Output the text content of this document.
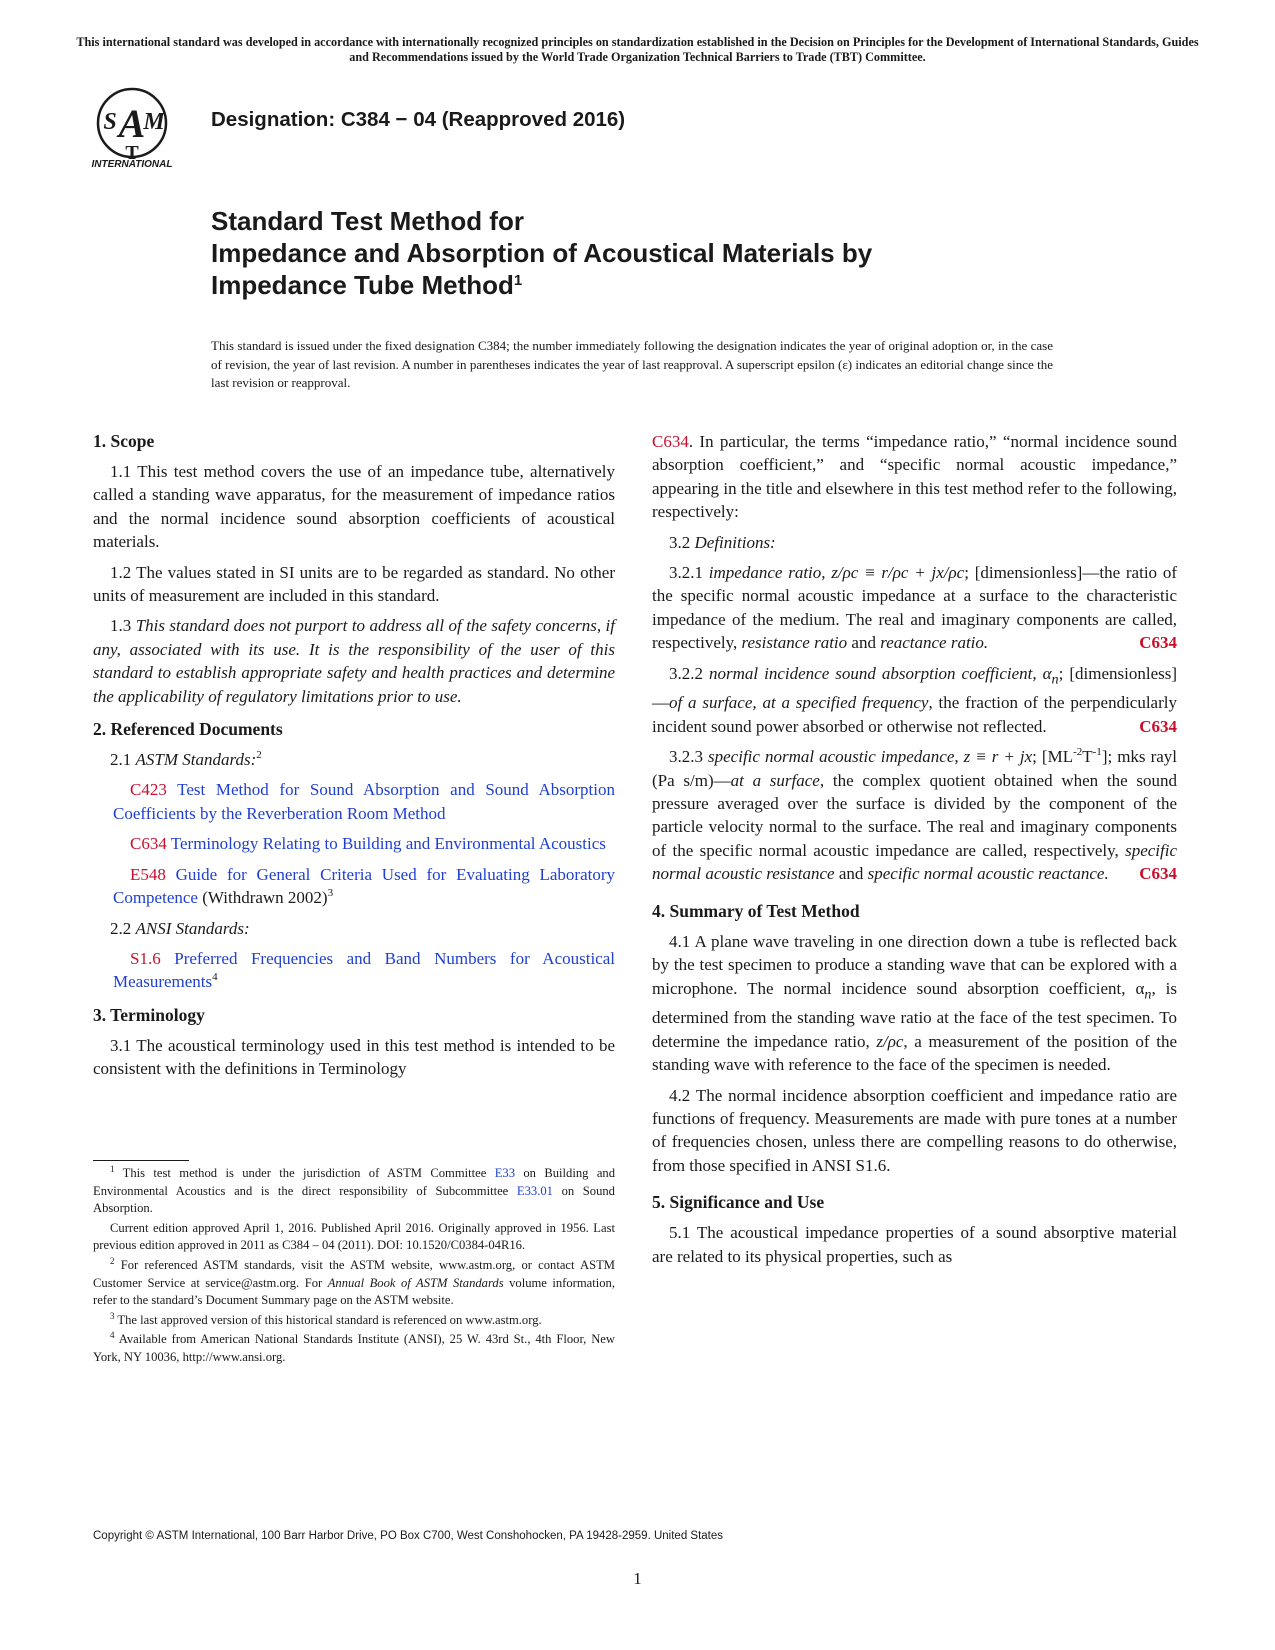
This international standard was developed in accordance with internationally recognized principles on standardization established in the Decision on Principles for the Development of International Standards, Guides and Recommendations issued by the World Trade Organization Technical Barriers to Trade (TBT) Committee.
A
S M
T
INTERNATIONAL
Designation: C384 − 04 (Reapproved 2016)
Standard Test Method for
Impedance and Absorption of Acoustical Materials by
Impedance Tube Method$^1$
This standard is issued under the fixed designation C384; the number immediately following the designation indicates the year of original adoption or, in the case of revision, the year of last revision. A number in parentheses indicates the year of last reapproval. A superscript epsilon (ε) indicates an editorial change since the last revision or reapproval.
1. Scope

1.1 This test method covers the use of an impedance tube, alternatively called a standing wave apparatus, for the measurement of impedance ratios and the normal incidence sound absorption coefficients of acoustical materials.

1.2 The values stated in SI units are to be regarded as standard. No other units of measurement are included in this standard.

1.3 This standard does not purport to address all of the safety concerns, if any, associated with its use. It is the responsibility of the user of this standard to establish appropriate safety and health practices and determine the applicability of regulatory limitations prior to use.

2. Referenced Documents

2.1 ASTM Standards:$^2$

C423 Test Method for Sound Absorption and Sound Absorption Coefficients by the Reverberation Room Method

C634 Terminology Relating to Building and Environmental Acoustics

E548 Guide for General Criteria Used for Evaluating Laboratory Competence (Withdrawn 2002)$^3$

2.2 ANSI Standards:

S1.6 Preferred Frequencies and Band Numbers for Acoustical Measurements$^4$

3. Terminology

3.1 The acoustical terminology used in this test method is intended to be consistent with the definitions in Terminology

$^1$ This test method is under the jurisdiction of ASTM Committee E33 on Building and Environmental Acoustics and is the direct responsibility of Subcommittee E33.01 on Sound Absorption.

Current edition approved April 1, 2016. Published April 2016. Originally approved in 1956. Last previous edition approved in 2011 as C384 – 04 (2011). DOI: 10.1520/C0384-04R16.

$^2$ For referenced ASTM standards, visit the ASTM website, www.astm.org, or contact ASTM Customer Service at service@astm.org. For Annual Book of ASTM Standards volume information, refer to the standard’s Document Summary page on the ASTM website.

$^3$ The last approved version of this historical standard is referenced on www.astm.org.

$^4$ Available from American National Standards Institute (ANSI), 25 W. 43rd St., 4th Floor, New York, NY 10036, http://www.ansi.org.

C634. In particular, the terms “impedance ratio,” “normal incidence sound absorption coefficient,” and “specific normal acoustic impedance,” appearing in the title and elsewhere in this test method refer to the following, respectively:

3.2 Definitions:

3.2.1 impedance ratio, z/ρc ≡ r/ρc + jx/ρc; [dimensionless]—the ratio of the specific normal acoustic impedance at a surface to the characteristic impedance of the medium. The real and imaginary components are called, respectively, resistance ratio and reactance ratio.	C634

3.2.2 normal incidence sound absorption coefficient, $\alpha_n$; [dimensionless]—of a surface, at a specified frequency, the fraction of the perpendicularly incident sound power absorbed or otherwise not reflected.	C634

3.2.3 specific normal acoustic impedance, z ≡ r + jx; [ML$^{-2}$T$^{-1}$]; mks rayl (Pa s/m)—at a surface, the complex quotient obtained when the sound pressure averaged over the surface is divided by the component of the particle velocity normal to the surface. The real and imaginary components of the specific normal acoustic impedance are called, respectively, specific normal acoustic resistance and specific normal acoustic reactance.	C634

4. Summary of Test Method

4.1 A plane wave traveling in one direction down a tube is reflected back by the test specimen to produce a standing wave that can be explored with a microphone. The normal incidence sound absorption coefficient, $\alpha_n$, is determined from the standing wave ratio at the face of the test specimen. To determine the impedance ratio, z/ρc, a measurement of the position of the standing wave with reference to the face of the specimen is needed.

4.2 The normal incidence absorption coefficient and impedance ratio are functions of frequency. Measurements are made with pure tones at a number of frequencies chosen, unless there are compelling reasons to do otherwise, from those specified in ANSI S1.6.

5. Significance and Use

5.1 The acoustical impedance properties of a sound absorptive material are related to its physical properties, such as

Copyright © ASTM International, 100 Barr Harbor Drive, PO Box C700, West Conshohocken, PA 19428-2959. United States
1
